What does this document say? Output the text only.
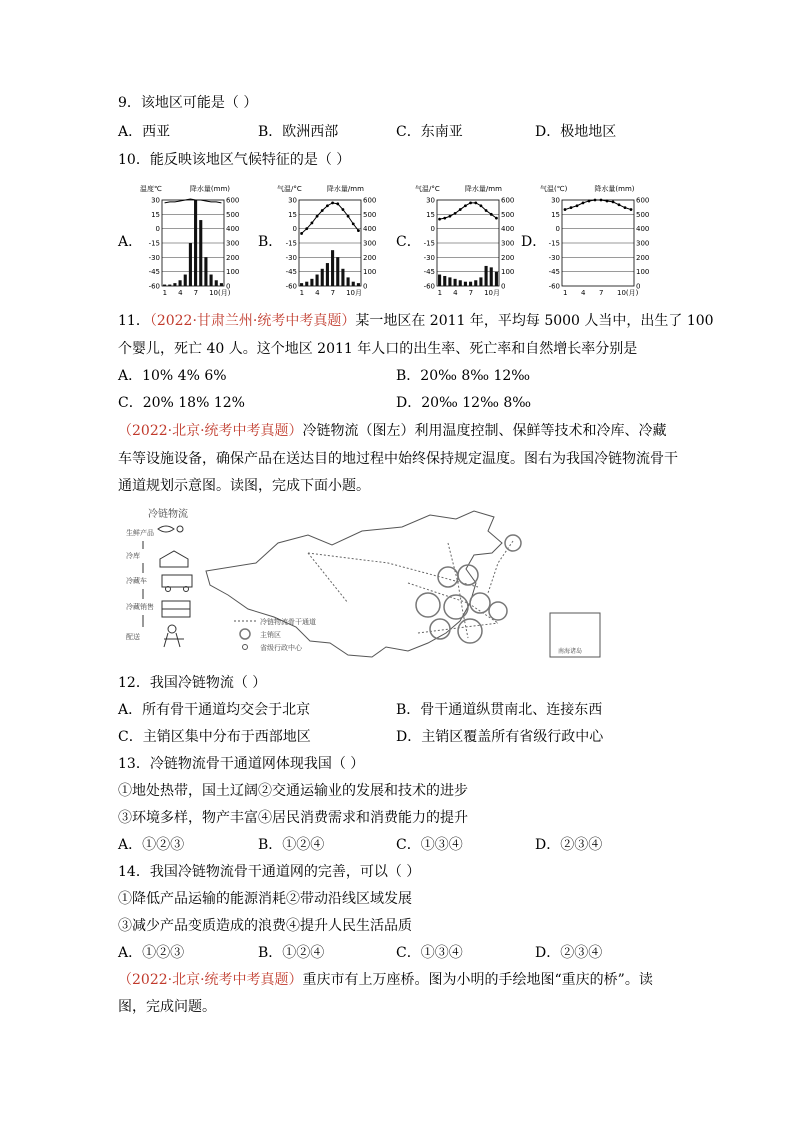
9．该地区可能是（ ）
A．西亚	B．欧洲西部	C．东南亚	D．极地地区
10．能反映该地区气候特征的是（ ）
A．	B．	C．	D．
温度℃	降水量(mm)
30	600
15	500
0	400
-15	300
-30	200
-45	100
-60	0
1 4 7 10(月)
气温/°C	降水量/mm
30	600
15	500
0	400
-15	300
-30	200
-45	100
-60	0
1 4 7 10月
气温/°C	降水量/mm
30	600
15	500
0	400
-15	300
-30	200
-45	100
-60	0
1 4 7 10月
气温(℃)	降水量(mm)
30	600
15	500
0	400
-15	300
-30	200
-45	100
-60	0
1 4 7 10(月)
11．（2022·甘肃兰州·统考中考真题）某一地区在 2011 年，平均每 5000 人当中，出生了 100
个婴儿，死亡 40 人。这个地区 2011 年人口的出生率、死亡率和自然增长率分别是
A．10% 4% 6%	B．20‰ 8‰ 12‰
C．20% 18% 12%	D．20‰ 12‰ 8‰
（2022·北京·统考中考真题）冷链物流（图左）利用温度控制、保鲜等技术和冷库、冷藏
车等设施设备，确保产品在送达目的地过程中始终保持规定温度。图右为我国冷链物流骨干
通道规划示意图。读图，完成下面小题。
冷链物流
生鲜产品
冷库
冷藏车
冷藏销售
配送
南海诸岛
冷链物流骨干通道
主销区
省级行政中心
12．我国冷链物流（ ）
A．所有骨干通道均交会于北京	B．骨干通道纵贯南北、连接东西
C．主销区集中分布于西部地区	D．主销区覆盖所有省级行政中心
13．冷链物流骨干通道网体现我国（ ）
①地处热带，国土辽阔②交通运输业的发展和技术的进步
③环境多样，物产丰富④居民消费需求和消费能力的提升
A．①②③	B．①②④	C．①③④	D．②③④
14．我国冷链物流骨干通道网的完善，可以（ ）
①降低产品运输的能源消耗②带动沿线区域发展
③减少产品变质造成的浪费④提升人民生活品质
A．①②③	B．①②④	C．①③④	D．②③④
（2022·北京·统考中考真题）重庆市有上万座桥。图为小明的手绘地图“重庆的桥”。读
图，完成问题。
